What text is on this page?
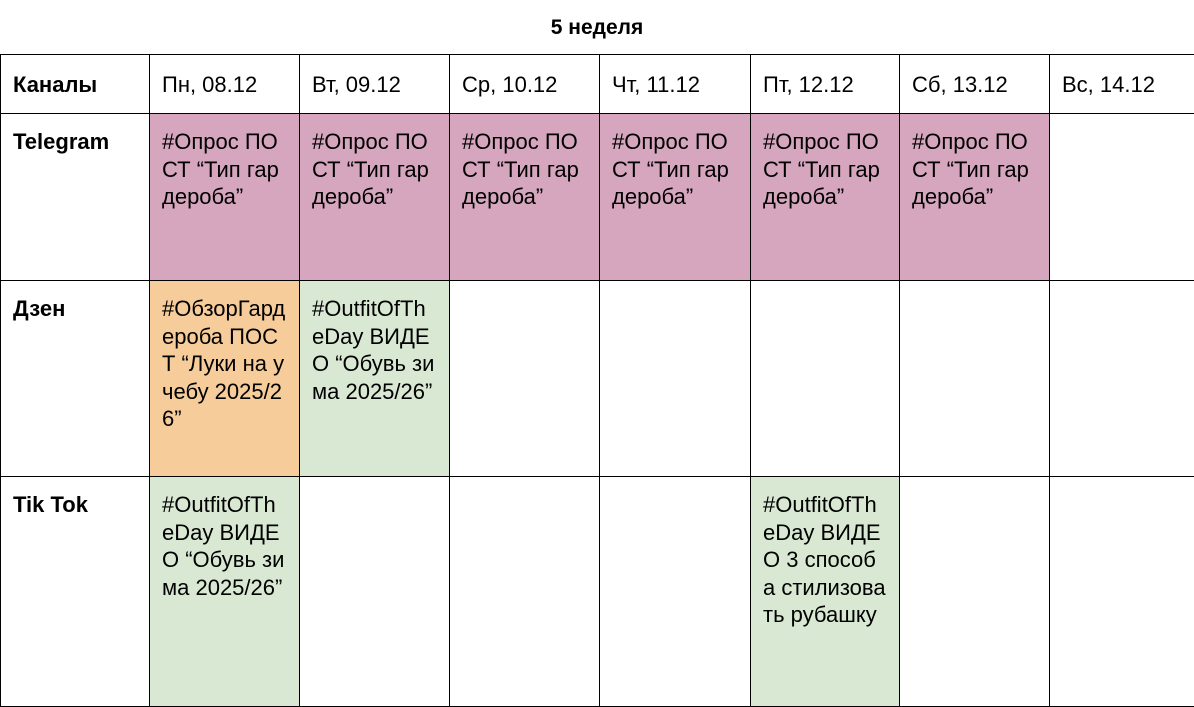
5 неделя
Каналы	Пн, 08.12	Вт, 09.12	Ср, 10.12	Чт, 11.12	Пт, 12.12	Сб, 13.12	Вс, 14.12
Telegram	#Опрос ПОСТ “Тип гардероба”	#Опрос ПОСТ “Тип гардероба”	#Опрос ПОСТ “Тип гардероба”	#Опрос ПОСТ “Тип гардероба”	#Опрос ПОСТ “Тип гардероба”	#Опрос ПОСТ “Тип гардероба”	
Дзен	#ОбзорГардероба ПОСТ “Луки на учебу 2025/26”	#OutfitOfTheDay ВИДЕО “Обувь зима 2025/26”					
Tik Tok	#OutfitOfTheDay ВИДЕО “Обувь зима 2025/26”				#OutfitOfTheDay ВИДЕО 3 способа стилизовать рубашку		
